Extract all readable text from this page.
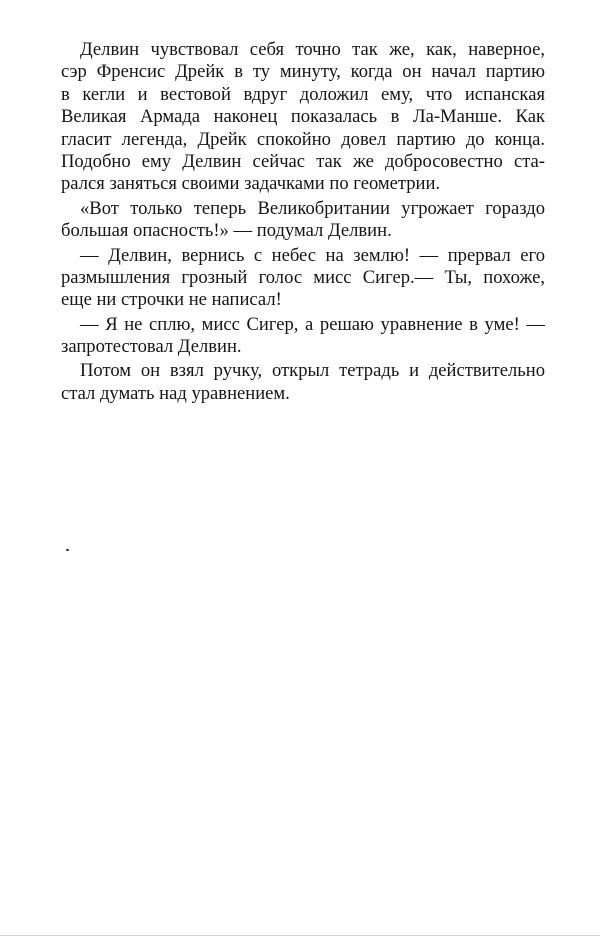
Делвин чувствовал себя точно так же, как, наверное,
сэр Френсис Дрейк в ту минуту, когда он начал партию
в кегли и вестовой вдруг доложил ему, что испанская
Великая Армада наконец показалась в Ла-Манше. Как
гласит легенда, Дрейк спокойно довел партию до конца.
Подобно ему Делвин сейчас так же добросовестно ста-
рался заняться своими задачками по геометрии.
«Вот только теперь Великобритании угрожает гораздо
большая опасность!» — подумал Делвин.
— Делвин, вернись с небес на землю! — прервал его
размышления грозный голос мисс Сигер.— Ты, похоже,
еще ни строчки не написал!
— Я не сплю, мисс Сигер, а решаю уравнение в уме! —
запротестовал Делвин.
Потом он взял ручку, открыл тетрадь и действительно
стал думать над уравнением.
